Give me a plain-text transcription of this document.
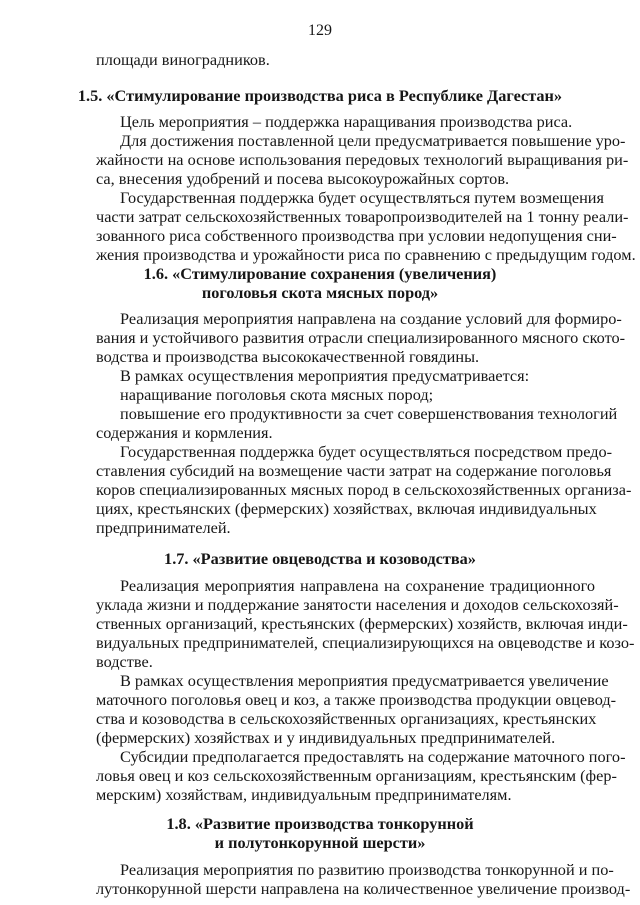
129
площади виноградников.
1.5. «Стимулирование производства риса в Республике Дагестан»
Цель мероприятия – поддержка наращивания производства риса.
Для достижения поставленной цели предусматривается повышение уро-
жайности на основе использования передовых технологий выращивания ри-
са, внесения удобрений и посева высокоурожайных сортов.
Государственная поддержка будет осуществляться путем возмещения
части затрат сельскохозяйственных товаропроизводителей на 1 тонну реали-
зованного риса собственного производства при условии недопущения сни-
жения производства и урожайности риса по сравнению с предыдущим годом.
1.6. «Стимулирование сохранения (увеличения)
поголовья скота мясных пород»
Реализация мероприятия направлена на создание условий для формиро-
вания и устойчивого развития отрасли специализированного мясного ското-
водства и производства высококачественной говядины.
В рамках осуществления мероприятия предусматривается:
наращивание поголовья скота мясных пород;
повышение его продуктивности за счет совершенствования технологий
содержания и кормления.
Государственная поддержка будет осуществляться посредством предо-
ставления субсидий на возмещение части затрат на содержание поголовья
коров специализированных мясных пород в сельскохозяйственных организа-
циях, крестьянских (фермерских) хозяйствах, включая индивидуальных
предпринимателей.
1.7. «Развитие овцеводства и козоводства»
Реализация мероприятия направлена на сохранение традиционного
уклада жизни и поддержание занятости населения и доходов сельскохозяй-
ственных организаций, крестьянских (фермерских) хозяйств, включая инди-
видуальных предпринимателей, специализирующихся на овцеводстве и козо-
водстве.
В рамках осуществления мероприятия предусматривается увеличение
маточного поголовья овец и коз, а также производства продукции овцевод-
ства и козоводства в сельскохозяйственных организациях, крестьянских
(фермерских) хозяйствах и у индивидуальных предпринимателей.
Субсидии предполагается предоставлять на содержание маточного пого-
ловья овец и коз сельскохозяйственным организациям, крестьянским (фер-
мерским) хозяйствам, индивидуальным предпринимателям.
1.8. «Развитие производства тонкорунной
и полутонкорунной шерсти»
Реализация мероприятия по развитию производства тонкорунной и по-
лутонкорунной шерсти направлена на количественное увеличение производ-
